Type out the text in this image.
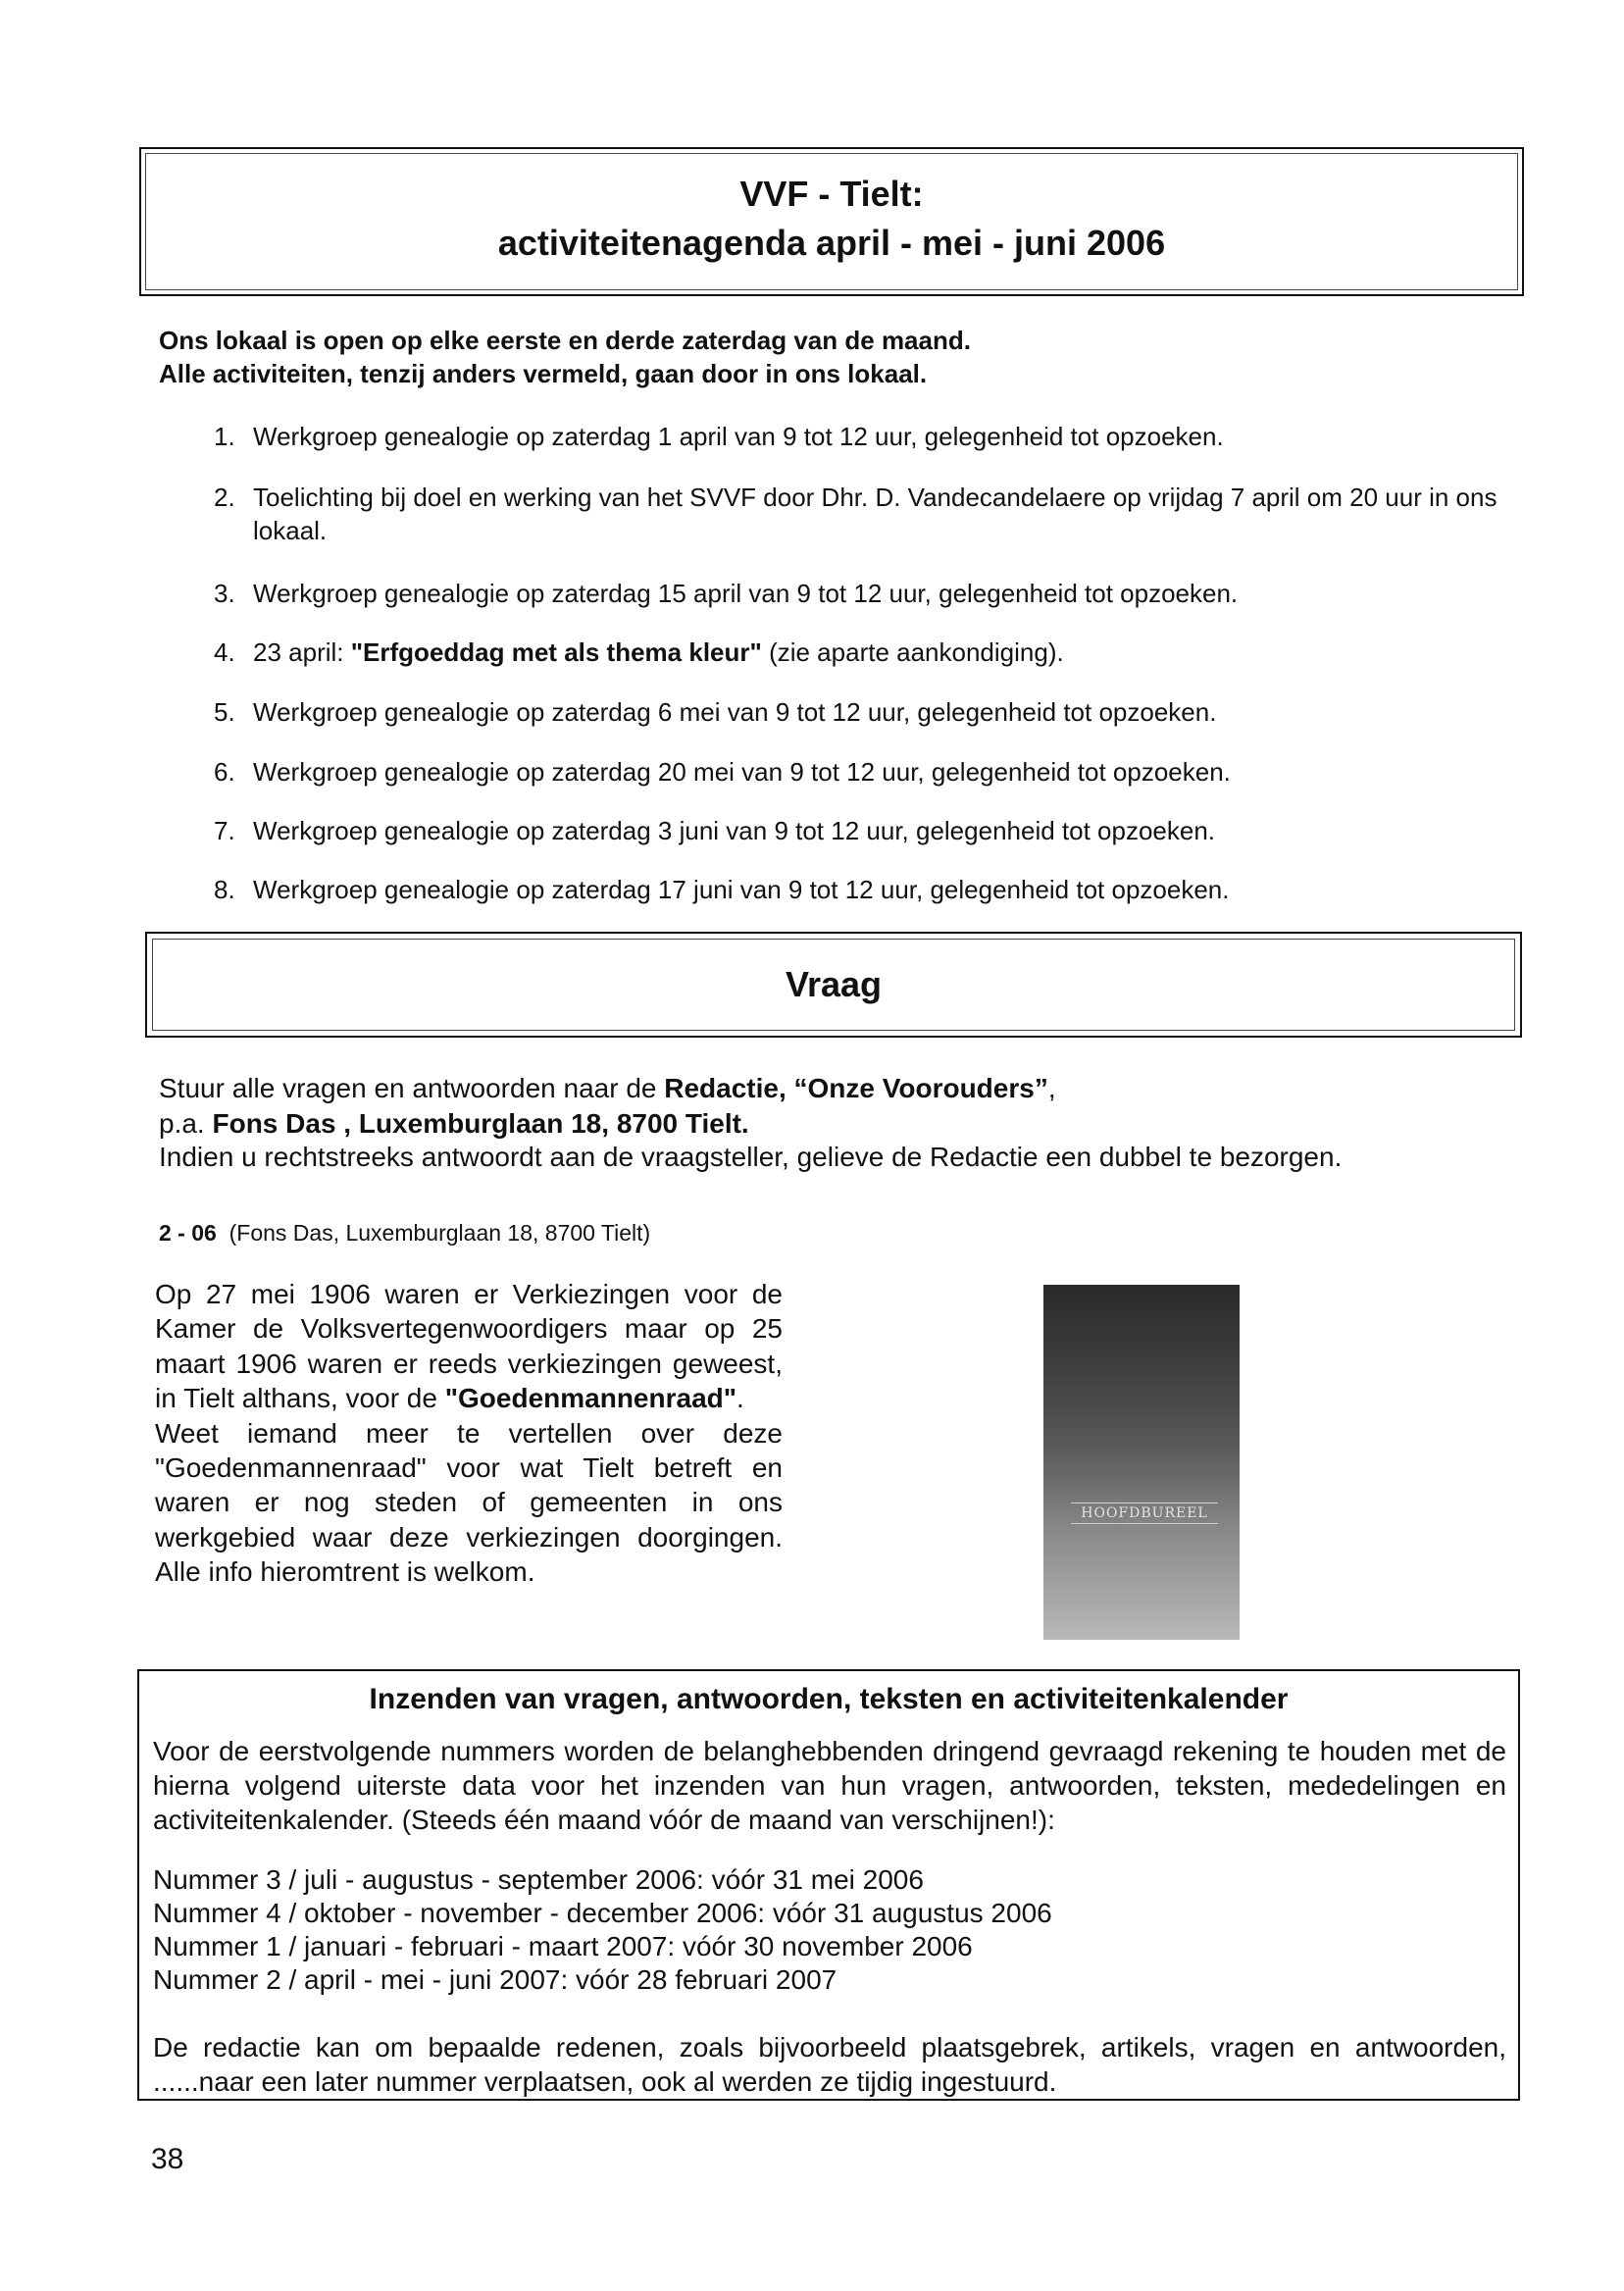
VVF - Tielt:
activiteitenagenda april - mei - juni 2006
Ons lokaal is open op elke eerste en derde zaterdag van de maand.
Alle activiteiten, tenzij anders vermeld, gaan door in ons lokaal.
1. Werkgroep genealogie op zaterdag 1 april van 9 tot 12 uur, gelegenheid tot opzoeken.
2. Toelichting bij doel en werking van het SVVF door Dhr. D. Vandecandelaere op vrijdag 7 april om 20 uur in ons lokaal.
3. Werkgroep genealogie op zaterdag 15 april van 9 tot 12 uur, gelegenheid tot opzoeken.
4. 23 april: "Erfgoeddag met als thema kleur" (zie aparte aankondiging).
5. Werkgroep genealogie op zaterdag 6 mei van 9 tot 12 uur, gelegenheid tot opzoeken.
6. Werkgroep genealogie op zaterdag 20 mei van 9 tot 12 uur, gelegenheid tot opzoeken.
7. Werkgroep genealogie op zaterdag 3 juni van 9 tot 12 uur, gelegenheid tot opzoeken.
8. Werkgroep genealogie op zaterdag 17 juni van 9 tot 12 uur, gelegenheid tot opzoeken.
Vraag
Stuur alle vragen en antwoorden naar de Redactie, “Onze Voorouders”,
p.a. Fons Das , Luxemburglaan 18, 8700 Tielt.
Indien u rechtstreeks antwoordt aan de vraagsteller, gelieve de Redactie een dubbel te bezorgen.
2 - 06 (Fons Das, Luxemburglaan 18, 8700 Tielt)
Op 27 mei 1906 waren er Verkiezingen voor de Kamer de Volksvertegenwoordigers maar op 25 maart 1906 waren er reeds verkiezingen geweest, in Tielt althans, voor de "Goedenmannenraad".
Weet iemand meer te vertellen over deze "Goedenmannenraad" voor wat Tielt betreft en waren er nog steden of gemeenten in ons werkgebied waar deze verkiezingen doorgingen. Alle info hieromtrent is welkom.
HOOFDBUREEL
Inzenden van vragen, antwoorden, teksten en activiteitenkalender
Voor de eerstvolgende nummers worden de belanghebbenden dringend gevraagd rekening te houden met de hierna volgend uiterste data voor het inzenden van hun vragen, antwoorden, teksten, mededelingen en activiteitenkalender. (Steeds één maand vóór de maand van verschijnen!):
Nummer 3 / juli - augustus - september 2006: vóór 31 mei 2006
Nummer 4 / oktober - november - december 2006: vóór 31 augustus 2006
Nummer 1 / januari - februari - maart 2007: vóór 30 november 2006
Nummer 2 / april - mei - juni 2007: vóór 28 februari 2007
De redactie kan om bepaalde redenen, zoals bijvoorbeeld plaatsgebrek, artikels, vragen en antwoorden, ......naar een later nummer verplaatsen, ook al werden ze tijdig ingestuurd.
38
